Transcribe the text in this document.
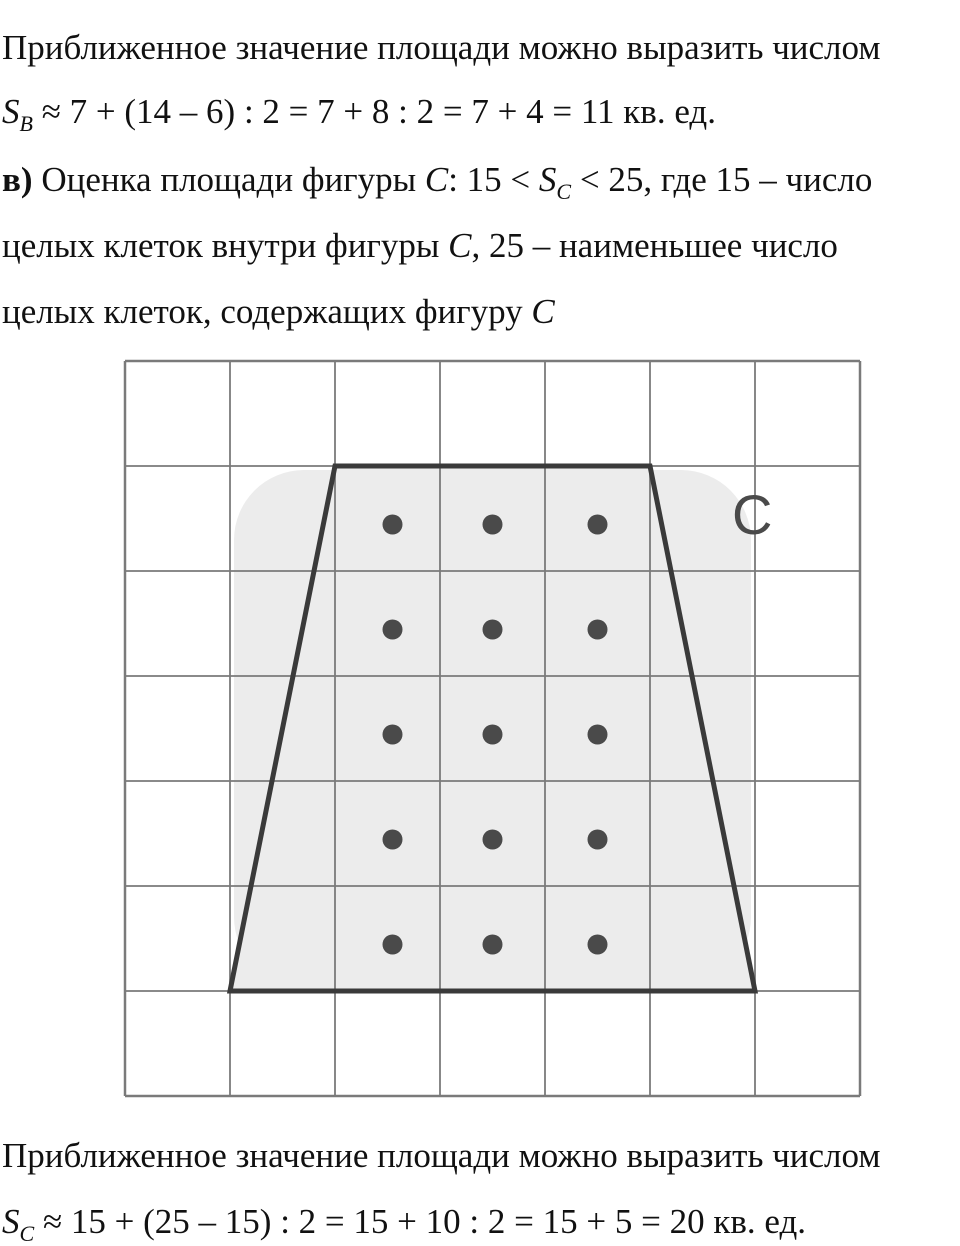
Приближенное значение площади можно выразить числом
$S_B \approx 7 + (14 - 6)$ : 2 = 7 + 8 : 2 = 7 + 4 = 11 кв. ед.
в) Оценка площади фигуры C: $15 < S_C < 25$, где 15 – число
целых клеток внутри фигуры C, 25 – наименьшее число
целых клеток, содержащих фигуру C
C
Приближенное значение площади можно выразить числом
$S_C \approx 15 + (25 - 15)$ : 2 = 15 + 10 : 2 = 15 + 5 = 20 кв. ед.
